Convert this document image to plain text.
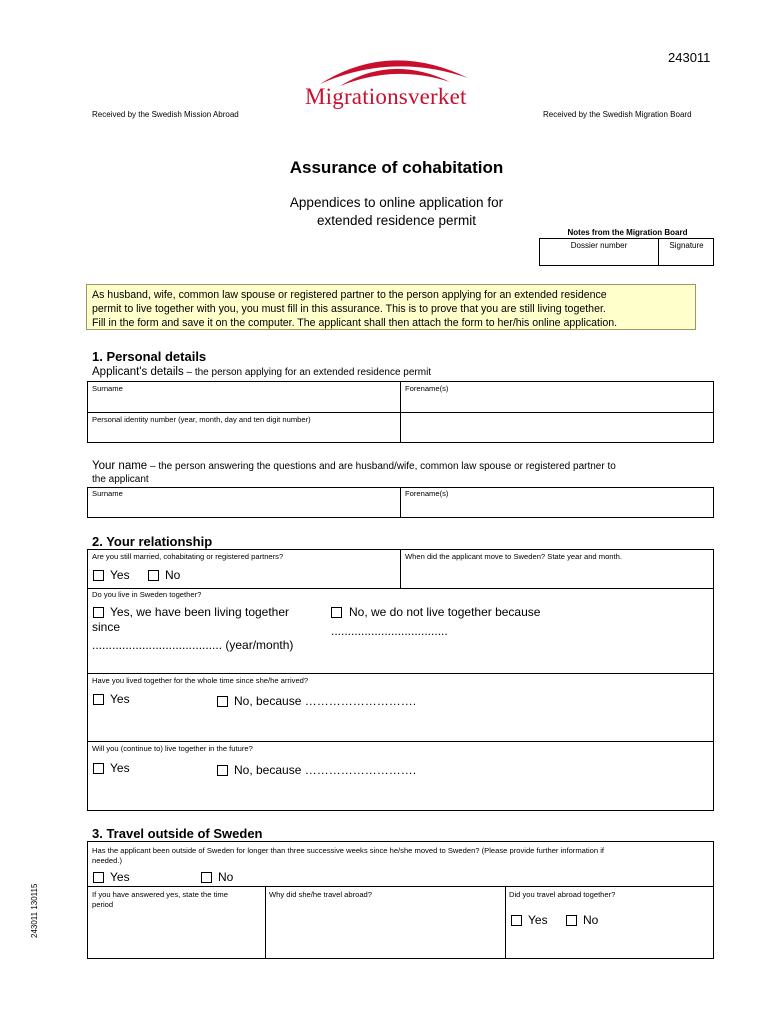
243011
Migrationsverket
Received by the Swedish Mission Abroad	Received by the Swedish Migration Board
Assurance of cohabitation
Appendices to online application for
extended residence permit
Notes from the Migration Board
Dossier number	Signature
As husband, wife, common law spouse or registered partner to the person applying for an extended residence
permit to live together with you, you must fill in this assurance. This is to prove that you are still living together.
Fill in the form and save it on the computer. The applicant shall then attach the form to her/his online application.
1. Personal details
Applicant's details – the person applying for an extended residence permit
Surname	Forename(s)
Personal identity number (year, month, day and ten digit number)
Your name – the person answering the questions and are husband/wife, common law spouse or registered partner to
the applicant
Surname	Forename(s)
2. Your relationship
Are you still married, cohabitating or registered partners?	When did the applicant move to Sweden? State year and month.
Yes	No
Do you live in Sweden together?
Yes, we have been living together
since
....................................... (year/month)
No, we do not live together because
...................................
Have you lived together for the whole time since she/he arrived?
Yes	No, because ……………………….
Will you (continue to) live together in the future?
Yes	No, because ……………………….
3. Travel outside of Sweden
Has the applicant been outside of Sweden for longer than three successive weeks since he/she moved to Sweden? (Please provide further information if
needed.)
Yes	No
If you have answered yes, state the time
period
Why did she/he travel abroad?	Did you travel abroad together?
Yes	No
243011 130115
